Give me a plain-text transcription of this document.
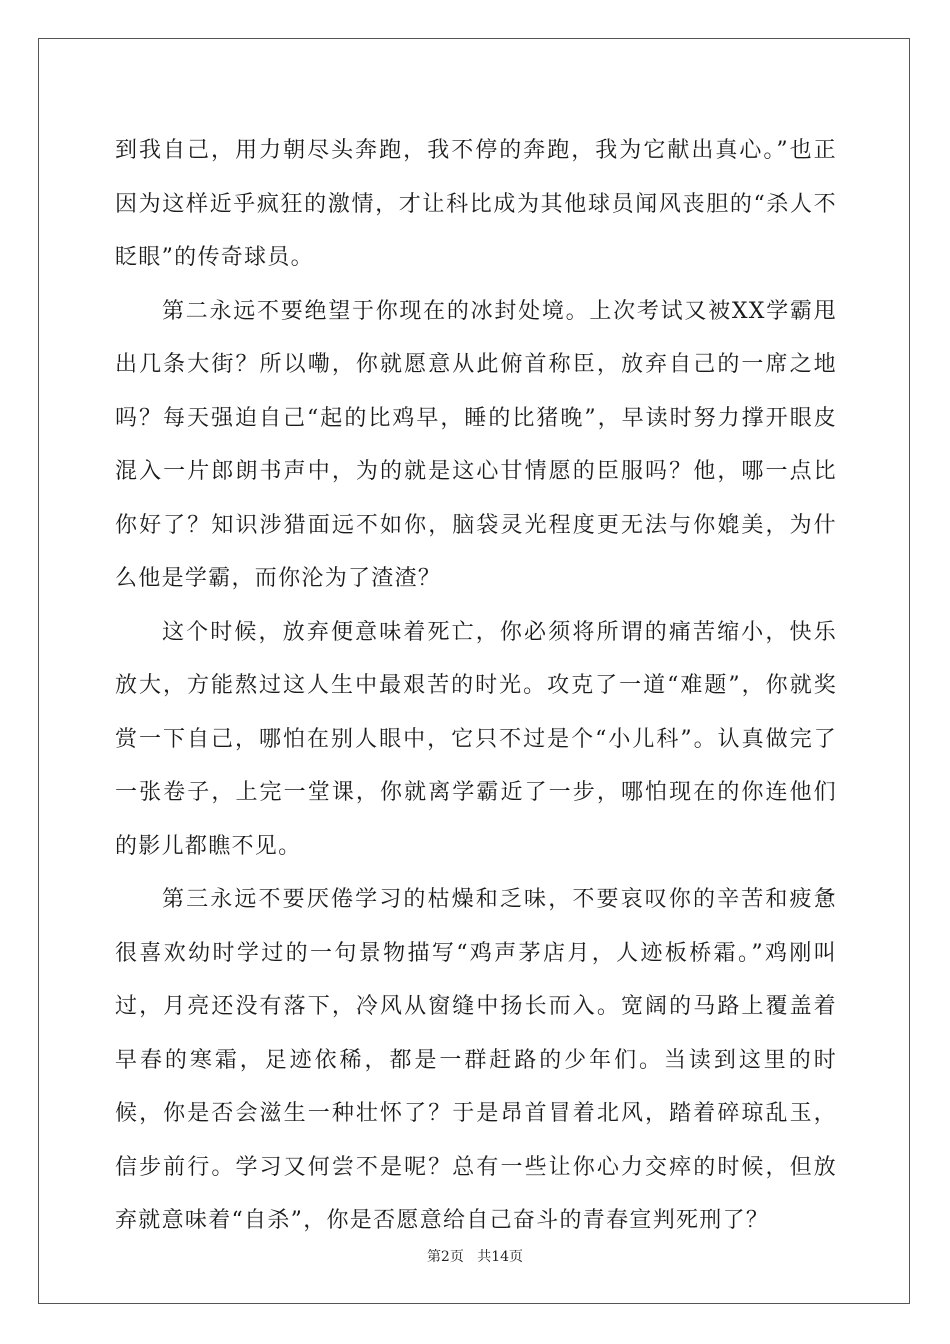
到我自己，用力朝尽头奔跑，我不停的奔跑，我为它献出真心。”也正因为这样近乎疯狂的激情，才让科比成为其他球员闻风丧胆的“杀人不眨眼”的传奇球员。

第二永远不要绝望于你现在的冰封处境。上次考试又被XX学霸甩出几条大街？所以嘞，你就愿意从此俯首称臣，放弃自己的一席之地吗？每天强迫自己“起的比鸡早，睡的比猪晚”，早读时努力撑开眼皮混入一片郎朗书声中，为的就是这心甘情愿的臣服吗？他，哪一点比你好了？知识涉猎面远不如你，脑袋灵光程度更无法与你媲美，为什么他是学霸，而你沦为了渣渣？

这个时候，放弃便意味着死亡，你必须将所谓的痛苦缩小，快乐放大，方能熬过这人生中最艰苦的时光。攻克了一道“难题”，你就奖赏一下自己，哪怕在别人眼中，它只不过是个“小儿科”。认真做完了一张卷子，上完一堂课，你就离学霸近了一步，哪怕现在的你连他们的影儿都瞧不见。

第三永远不要厌倦学习的枯燥和乏味，不要哀叹你的辛苦和疲惫很喜欢幼时学过的一句景物描写“鸡声茅店月，人迹板桥霜。”鸡刚叫过，月亮还没有落下，冷风从窗缝中扬长而入。宽阔的马路上覆盖着早春的寒霜，足迹依稀，都是一群赶路的少年们。当读到这里的时候，你是否会滋生一种壮怀了？于是昂首冒着北风，踏着碎琼乱玉，信步前行。学习又何尝不是呢？总有一些让你心力交瘁的时候，但放弃就意味着“自杀”，你是否愿意给自己奋斗的青春宣判死刑了？

第2页 共14页
